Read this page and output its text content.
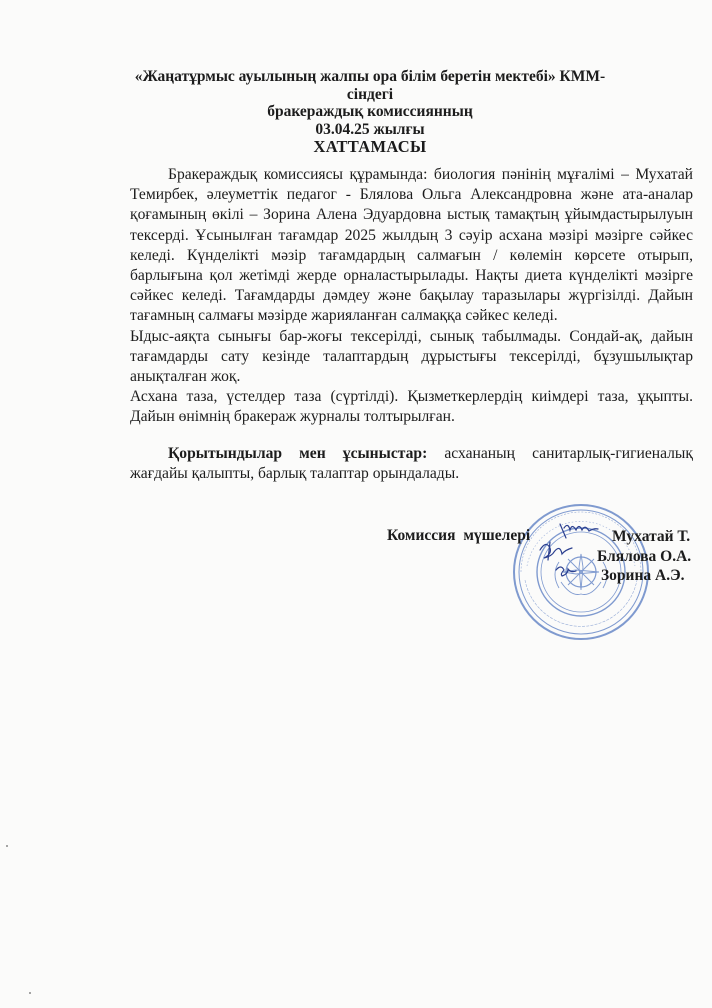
«Жаңатұрмыс ауылының жалпы ора білім беретін мектебі» КММ-
сіндегі
бракераждық комиссиянның
03.04.25 жылғы
ХАТТАМАСЫ

Бракераждық комиссиясы құрамында: биология пәнінің мұғалімі – Мухатай Темирбек, әлеуметтік педагог - Блялова Ольга Александровна және ата-аналар қоғамының өкілі – Зорина Алена Эдуардовна ыстық тамақтың ұйымдастырылуын тексерді. Ұсынылған тағамдар 2025 жылдың 3 сәуір асхана мәзірі мәзірге сәйкес келеді. Күнделікті мәзір тағамдардың салмағын / көлемін көрсете отырып, барлығына қол жетімді жерде орналастырылады. Нақты диета күнделікті мәзірге сәйкес келеді. Тағамдарды дәмдеу және бақылау таразылары жүргізілді. Дайын тағамның салмағы мәзірде жарияланған салмаққа сәйкес келеді.

Ыдыс-аяқта сынығы бар-жоғы тексерілді, сынық табылмады. Сондай-ақ, дайын тағамдарды сату кезінде талаптардың дұрыстығы тексерілді, бұзушылықтар анықталған жоқ.

Асхана таза, үстелдер таза (сүртілді). Қызметкерлердің киімдері таза, ұқыпты. Дайын өнімнің бракераж журналы толтырылған.

Қорытындылар мен ұсыныстар: асхананың санитарлық-гигиеналық жағдайы қалыпты, барлық талаптар орындалады.

Комиссия мүшелері	Мухатай Т.
Блялова О.А.
Зорина А.Э.
